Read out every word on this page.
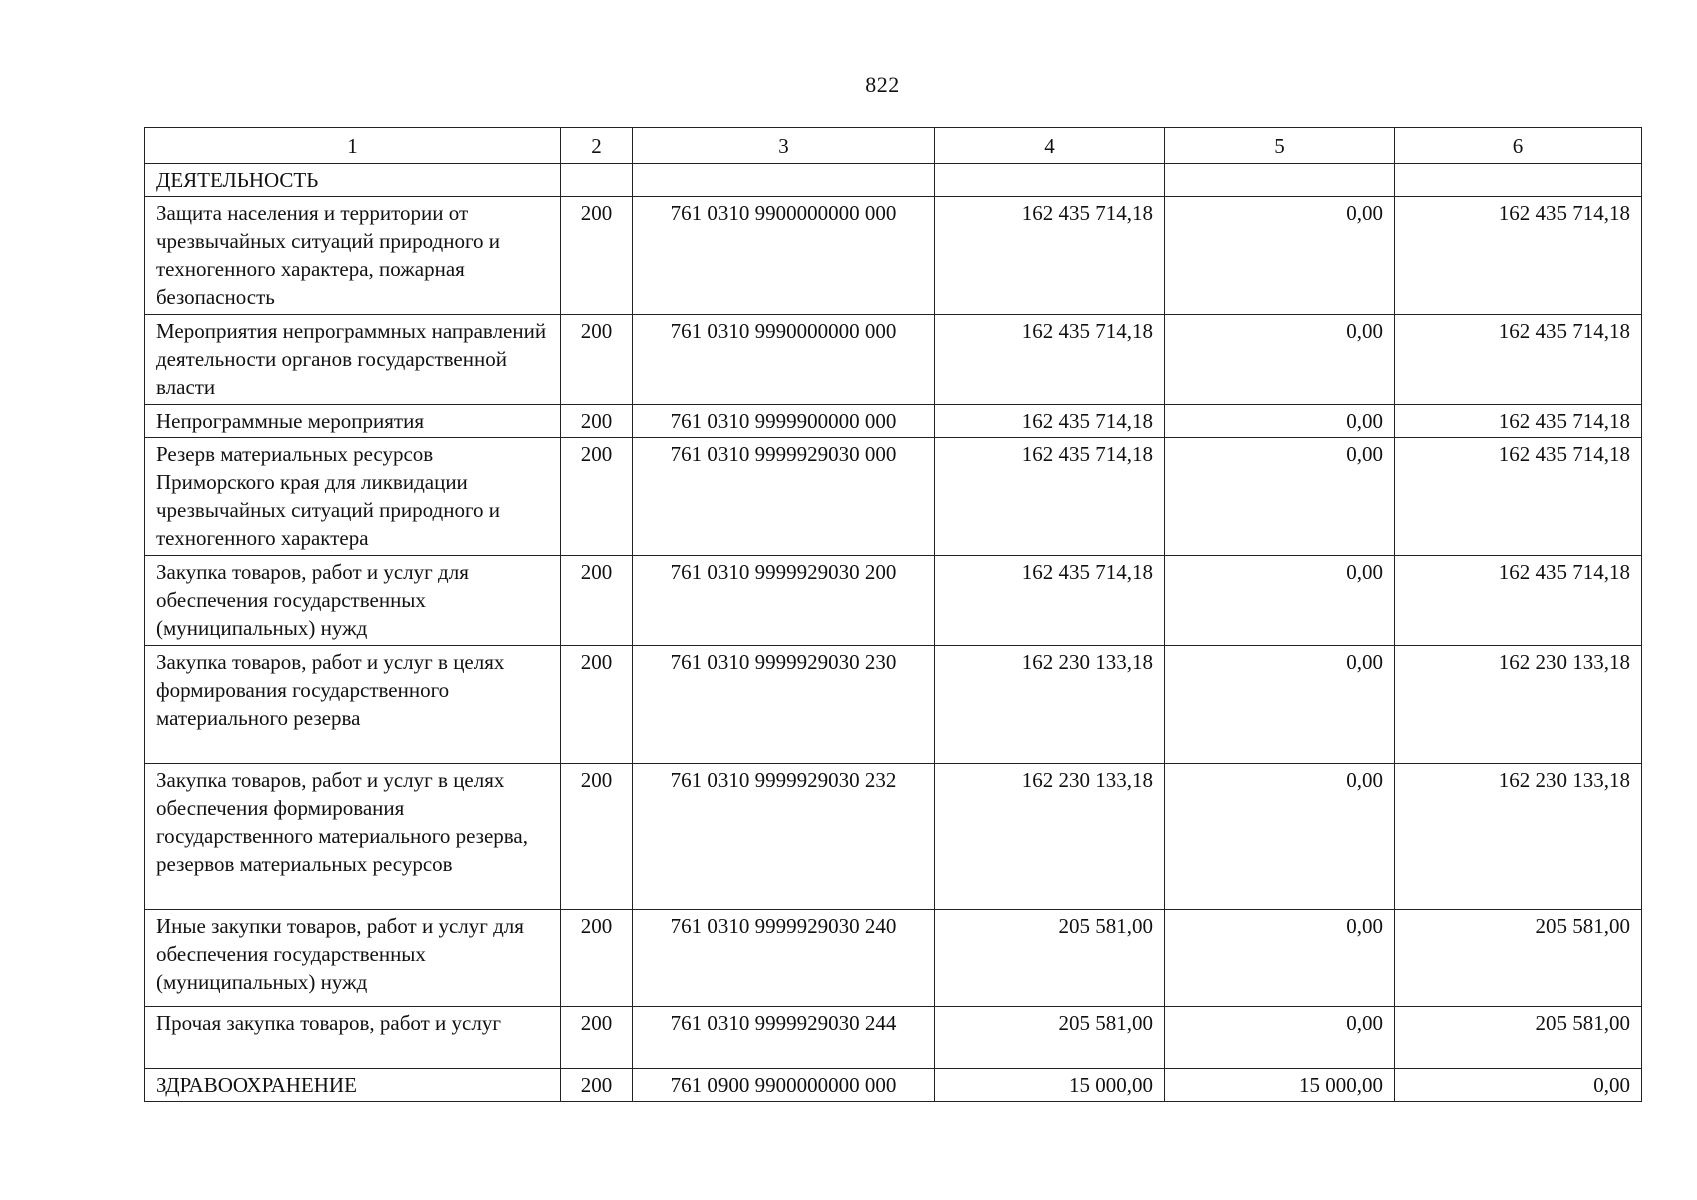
822
1	2	3	4	5	6
ДЕЯТЕЛЬНОСТЬ					
Защита населения и территории от чрезвычайных ситуаций природного и техногенного характера, пожарная безопасность	200	761 0310 9900000000 000	162 435 714,18	0,00	162 435 714,18
Мероприятия непрограммных направлений деятельности органов государственной власти	200	761 0310 9990000000 000	162 435 714,18	0,00	162 435 714,18
Непрограммные мероприятия	200	761 0310 9999900000 000	162 435 714,18	0,00	162 435 714,18
Резерв материальных ресурсов Приморского края для ликвидации чрезвычайных ситуаций природного и техногенного характера	200	761 0310 9999929030 000	162 435 714,18	0,00	162 435 714,18
Закупка товаров, работ и услуг для обеспечения государственных (муниципальных) нужд	200	761 0310 9999929030 200	162 435 714,18	0,00	162 435 714,18
Закупка товаров, работ и услуг в целях формирования государственного материального резерва	200	761 0310 9999929030 230	162 230 133,18	0,00	162 230 133,18
Закупка товаров, работ и услуг в целях обеспечения формирования государственного материального резерва, резервов материальных ресурсов	200	761 0310 9999929030 232	162 230 133,18	0,00	162 230 133,18
Иные закупки товаров, работ и услуг для обеспечения государственных (муниципальных) нужд	200	761 0310 9999929030 240	205 581,00	0,00	205 581,00
Прочая закупка товаров, работ и услуг	200	761 0310 9999929030 244	205 581,00	0,00	205 581,00
ЗДРАВООХРАНЕНИЕ	200	761 0900 9900000000 000	15 000,00	15 000,00	0,00
